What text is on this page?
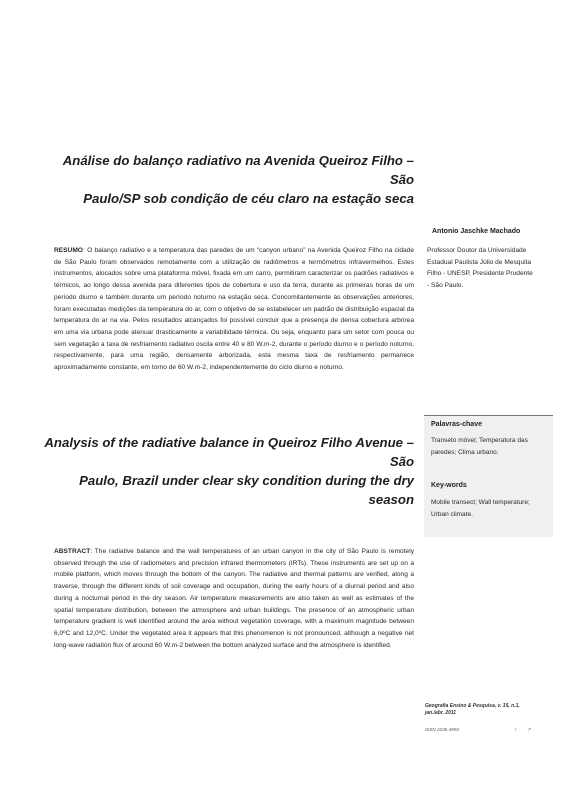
Análise do balanço radiativo na Avenida Queiroz Filho – São
Paulo/SP sob condição de céu claro na estação seca
Antonio Jaschke Machado
Professor Doutor da Universidade Estadual Paulista Júlio de Mesquita Filho - UNESP, Presidente Prudente - São Paulo.
RESUMO: O balanço radiativo e a temperatura das paredes de um “canyon urbano” na Avenida Queiroz Filho na cidade de São Paulo foram observados remotamente com a utilização de radiômetros e termômetros infravermelhos. Estes instrumentos, alocados sobre uma plataforma móvel, fixada em um carro, permitiram caracterizar os padrões radiativos e térmicos, ao longo dessa avenida para diferentes tipos de cobertura e uso da terra, durante as primeiras horas de um período diurno e também durante um período noturno na estação seca. Concomitantemente às observações anteriores, foram executadas medições da temperatura do ar, com o objetivo de se estabelecer um padrão de distribuição espacial da temperatura do ar na via. Pelos resultados alcançados foi possível concluir que a presença de densa cobertura arbórea em uma via urbana pode atenuar drasticamente a variabilidade térmica. Ou seja, enquanto para um setor com pouca ou sem vegetação a taxa de resfriamento radiativo oscila entre 40 e 80 W.m-2, durante o período diurno e o período noturno, respectivamente, para uma região, densamente arborizada, esta mesma taxa de resfriamento permanece aproximadamente constante, em torno de 60 W.m-2, independentemente do ciclo diurno e noturno.
Palavras-chave
Transeto móvel; Temperatura das paredes; Clima urbano.
Key-words
Mobile transect; Wall temperature; Urban climate.
Analysis of the radiative balance in Queiroz Filho Avenue – São
Paulo, Brazil under clear sky condition during the dry season
ABSTRACT: The radiative balance and the wall temperatures of an urban canyon in the city of São Paulo is remotely observed through the use of radiometers and precision infrared thermometers (IRTs). These instruments are set up on a mobile platform, which moves through the bottom of the canyon. The radiative and thermal patterns are verified, along a traverse, through the different kinds of soil coverage and occupation, during the early hours of a diurnal period and also during a nocturnal period in the dry season. Air temperature measurements are also taken as well as estimates of the spatial temperature distribution, between the atmosphere and urban buildings. The presence of an atmospheric urban temperature gradient is well identified around the area without vegetation coverage, with a maximum magnitude between 6,0ºC and 12,0ºC. Under the vegetated area it appears that this phenomenon is not pronounced, although a negative net long-wave radiation flux of around 60 W.m-2 between the bottom analyzed surface and the atmosphere is identified.
Geografia Ensino & Pesquisa, v. 15, n.1, jan./abr. 2011
ISSN 2236-4994	/	7
